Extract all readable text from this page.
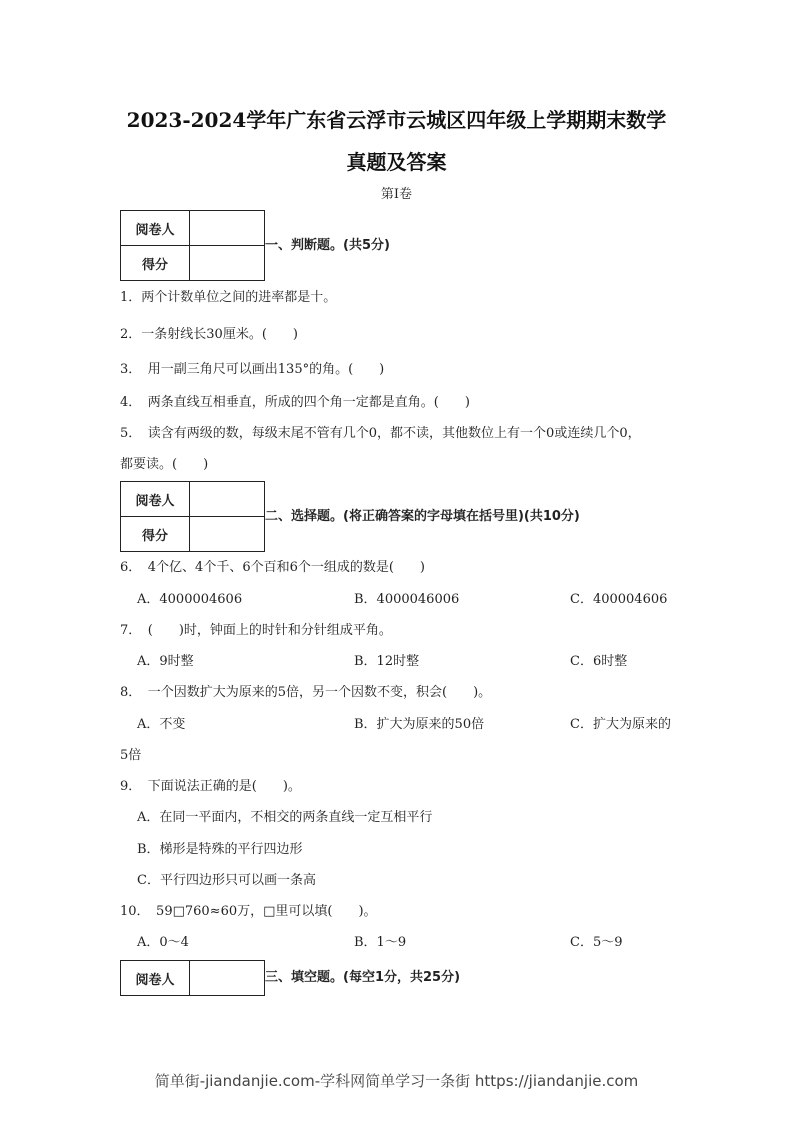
2023-2024学年广东省云浮市云城区四年级上学期期末数学
真题及答案
第I卷
阅卷人	
得分	
一、判断题。(共5分)
1．两个计数单位之间的进率都是十。
2．一条射线长30厘米。(　　)
3．　用一副三角尺可以画出135°的角。(　　)
4．　两条直线互相垂直，所成的四个角一定都是直角。(　　)
5．　读含有两级的数，每级末尾不管有几个0，都不读，其他数位上有一个0或连续几个0，
都要读。(　　)
阅卷人	
得分	
二、选择题。(将正确答案的字母填在括号里)(共10分)
6．　4个亿、4个千、6个百和6个一组成的数是(　　)
A．4000004606	B．4000046006	C．400004606
7．　(　　)时，钟面上的时针和分针组成平角。
A．9时整	B．12时整	C．6时整
8．　一个因数扩大为原来的5倍，另一个因数不变，积会(　　)。
A．不变	B．扩大为原来的50倍	C．扩大为原来的
5倍
9．　下面说法正确的是(　　)。
A．在同一平面内，不相交的两条直线一定互相平行
B．梯形是特殊的平行四边形
C．平行四边形只可以画一条高
10．　59□760≈60万，□里可以填(　　)。
A．0～4	B．1～9	C．5～9
阅卷人		三、填空题。(每空1分，共25分)
简单街-jiandanjie.com-学科网简单学习一条街 https://jiandanjie.com
